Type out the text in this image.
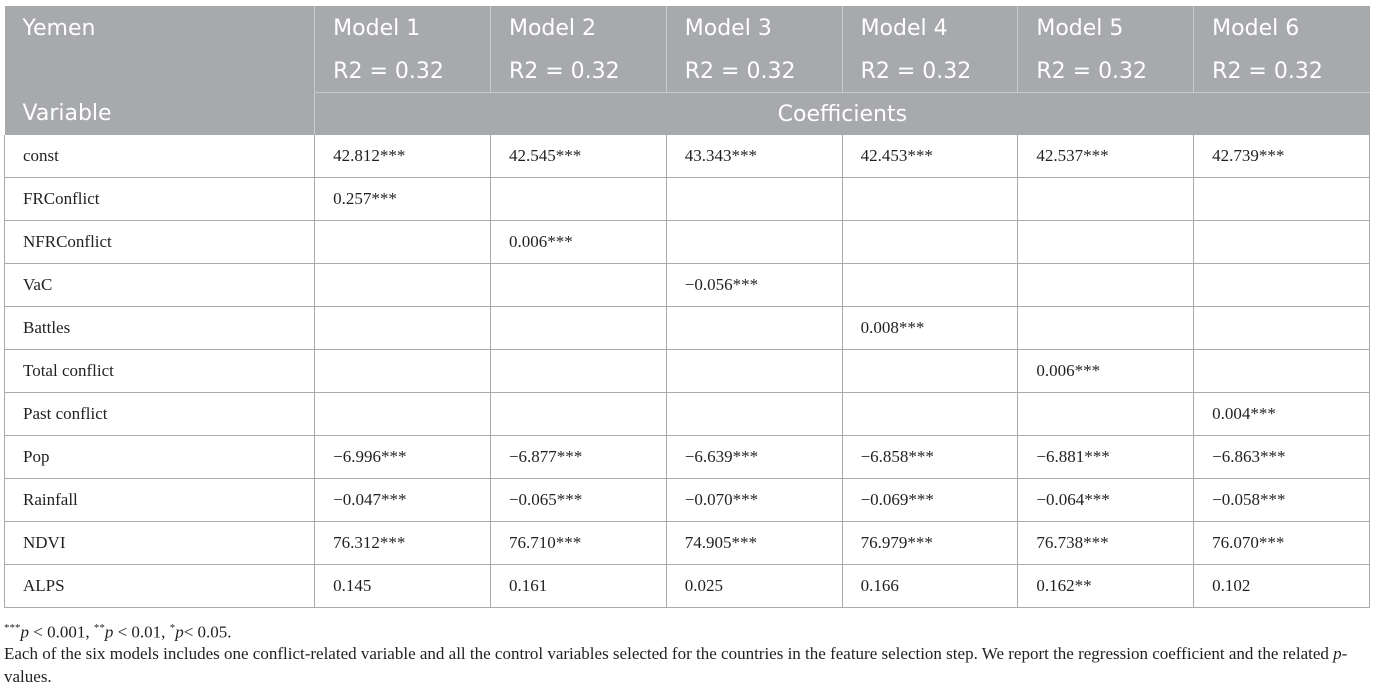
Yemen	Model 1	Model 2	Model 3	Model 4	Model 5	Model 6
	R2 = 0.32	R2 = 0.32	R2 = 0.32	R2 = 0.32	R2 = 0.32	R2 = 0.32
Variable	Coefficients					
const	42.812***	42.545***	43.343***	42.453***	42.537***	42.739***
FRConflict	0.257***					
NFRConflict		0.006***				
VaC			−0.056***			
Battles				0.008***		
Total conflict					0.006***	
Past conflict						0.004***
Pop	−6.996***	−6.877***	−6.639***	−6.858***	−6.881***	−6.863***
Rainfall	−0.047***	−0.065***	−0.070***	−0.069***	−0.064***	−0.058***
NDVI	76.312***	76.710***	74.905***	76.979***	76.738***	76.070***
ALPS	0.145	0.161	0.025	0.166	0.162**	0.102
***p < 0.001, **p < 0.01, *p< 0.05.
Each of the six models includes one conflict-related variable and all the control variables selected for the countries in the feature selection step. We report the regression coefficient and the related p-values.
